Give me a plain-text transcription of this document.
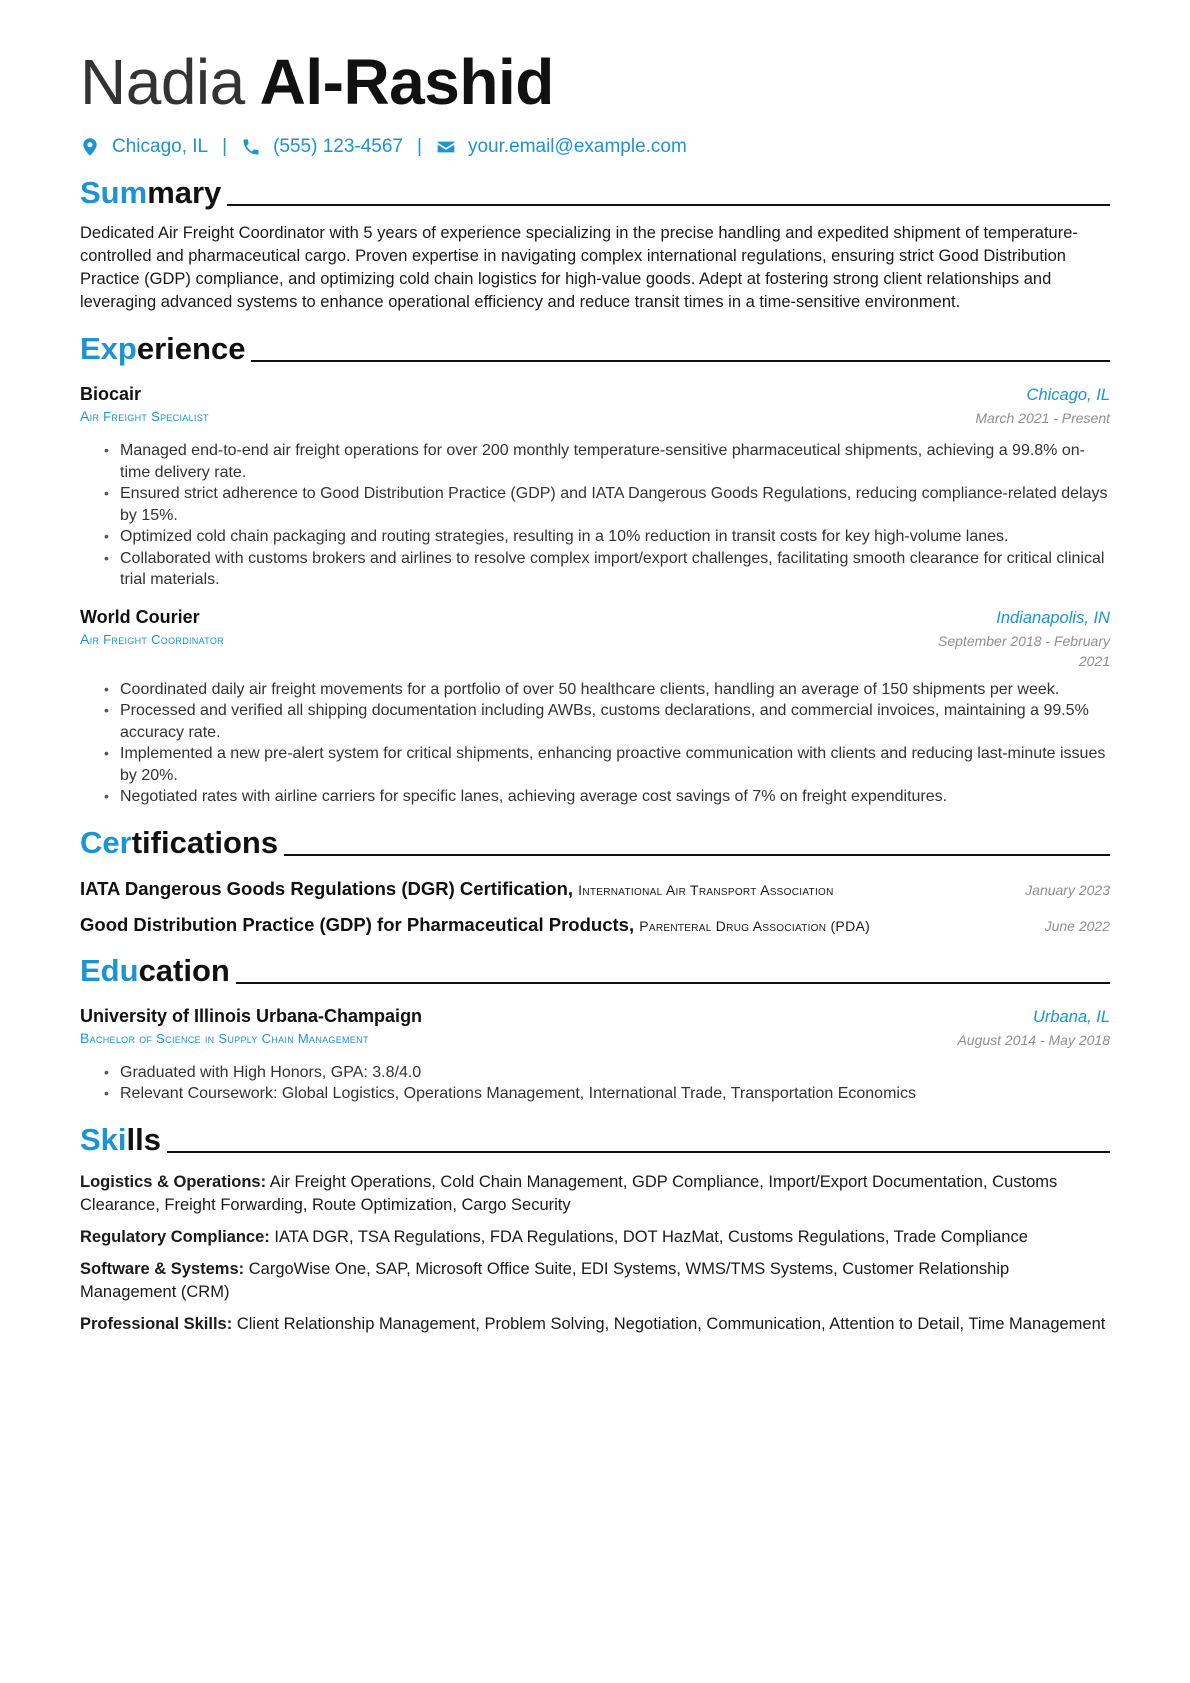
Nadia Al-Rashid
Chicago, IL | (555) 123-4567 | your.email@example.com
Summary

Dedicated Air Freight Coordinator with 5 years of experience specializing in the precise handling and expedited shipment of temperature-controlled and pharmaceutical cargo. Proven expertise in navigating complex international regulations, ensuring strict Good Distribution Practice (GDP) compliance, and optimizing cold chain logistics for high-value goods. Adept at fostering strong client relationships and leveraging advanced systems to enhance operational efficiency and reduce transit times in a time-sensitive environment.

Experience
Biocair	Chicago, IL
Air Freight Specialist	March 2021 - Present
• Managed end-to-end air freight operations for over 200 monthly temperature-sensitive pharmaceutical shipments, achieving a 99.8% on-time delivery rate.
• Ensured strict adherence to Good Distribution Practice (GDP) and IATA Dangerous Goods Regulations, reducing compliance-related delays by 15%.
• Optimized cold chain packaging and routing strategies, resulting in a 10% reduction in transit costs for key high-volume lanes.
• Collaborated with customs brokers and airlines to resolve complex import/export challenges, facilitating smooth clearance for critical clinical trial materials.
World Courier	Indianapolis, IN
Air Freight Coordinator	September 2018 - February 2021
• Coordinated daily air freight movements for a portfolio of over 50 healthcare clients, handling an average of 150 shipments per week.
• Processed and verified all shipping documentation including AWBs, customs declarations, and commercial invoices, maintaining a 99.5% accuracy rate.
• Implemented a new pre-alert system for critical shipments, enhancing proactive communication with clients and reducing last-minute issues by 20%.
• Negotiated rates with airline carriers for specific lanes, achieving average cost savings of 7% on freight expenditures.
Certifications
IATA Dangerous Goods Regulations (DGR) Certification, International Air Transport Association	January 2023
Good Distribution Practice (GDP) for Pharmaceutical Products, Parenteral Drug Association (PDA)	June 2022
Education
University of Illinois Urbana-Champaign	Urbana, IL
Bachelor of Science in Supply Chain Management	August 2014 - May 2018
• Graduated with High Honors, GPA: 3.8/4.0
• Relevant Coursework: Global Logistics, Operations Management, International Trade, Transportation Economics
Skills
Logistics & Operations: Air Freight Operations, Cold Chain Management, GDP Compliance, Import/Export Documentation, Customs Clearance, Freight Forwarding, Route Optimization, Cargo Security
Regulatory Compliance: IATA DGR, TSA Regulations, FDA Regulations, DOT HazMat, Customs Regulations, Trade Compliance
Software & Systems: CargoWise One, SAP, Microsoft Office Suite, EDI Systems, WMS/TMS Systems, Customer Relationship Management (CRM)
Professional Skills: Client Relationship Management, Problem Solving, Negotiation, Communication, Attention to Detail, Time Management
